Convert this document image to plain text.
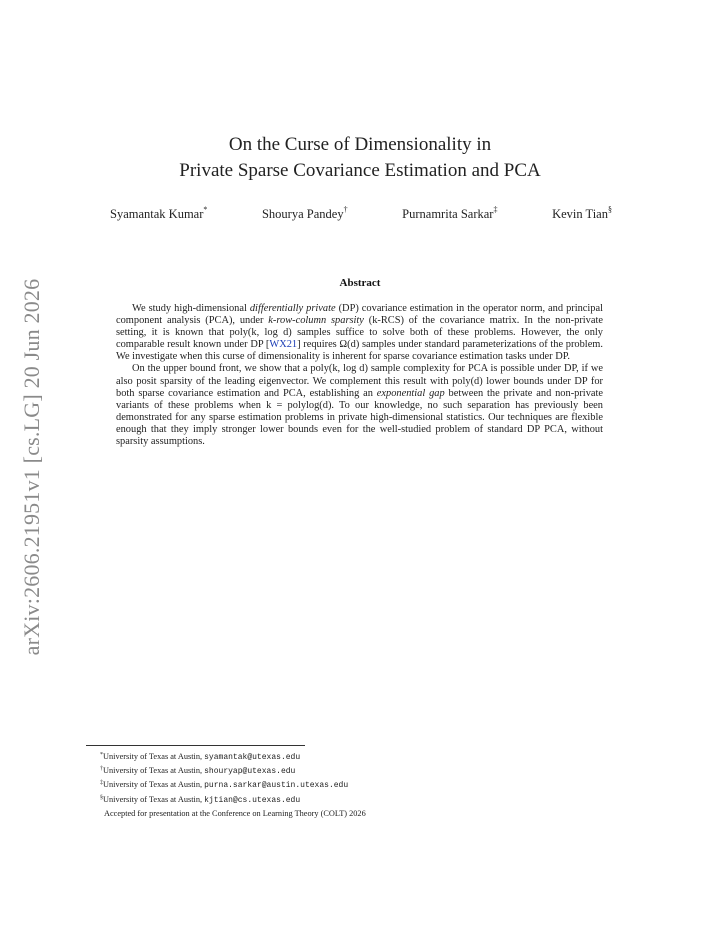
arXiv:2606.21951v1 [cs.LG] 20 Jun 2026
On the Curse of Dimensionality in
Private Sparse Covariance Estimation and PCA
Syamantak Kumar*	Shourya Pandey†	Purnamrita Sarkar‡	Kevin Tian§
Abstract

We study high-dimensional differentially private (DP) covariance estimation in the operator norm, and principal component analysis (PCA), under k-row-column sparsity (k-RCS) of the covariance matrix. In the non-private setting, it is known that poly(k, log d) samples suffice to solve both of these problems. However, the only comparable result known under DP [WX21] requires Ω(d) samples under standard parameterizations of the problem. We investigate when this curse of dimensionality is inherent for sparse covariance estimation tasks under DP.

On the upper bound front, we show that a poly(k, log d) sample complexity for PCA is possible under DP, if we also posit sparsity of the leading eigenvector. We complement this result with poly(d) lower bounds under DP for both sparse covariance estimation and PCA, establishing an exponential gap between the private and non-private variants of these problems when k = polylog(d). To our knowledge, no such separation has previously been demonstrated for any sparse estimation problems in private high-dimensional statistics. Our techniques are flexible enough that they imply stronger lower bounds even for the well-studied problem of standard DP PCA, without sparsity assumptions.

*University of Texas at Austin, syamantak@utexas.edu
†University of Texas at Austin, shouryap@utexas.edu
‡University of Texas at Austin, purna.sarkar@austin.utexas.edu
§University of Texas at Austin, kjtian@cs.utexas.edu
Accepted for presentation at the Conference on Learning Theory (COLT) 2026
